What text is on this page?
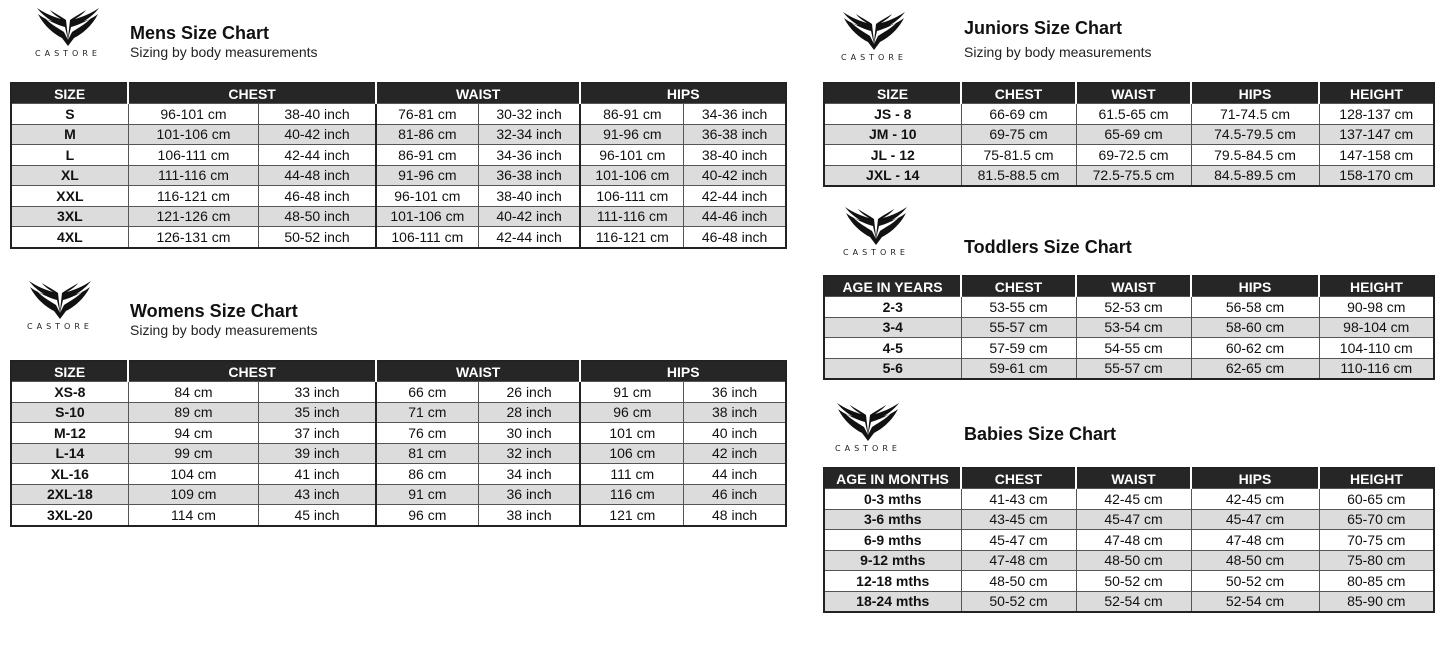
CASTORE
Mens Size Chart
Sizing by body measurements
SIZE	CHEST		WAIST		HIPS	
S	96-101 cm	38-40 inch	76-81 cm	30-32 inch	86-91 cm	34-36 inch
M	101-106 cm	40-42 inch	81-86 cm	32-34 inch	91-96 cm	36-38 inch
L	106-111 cm	42-44 inch	86-91 cm	34-36 inch	96-101 cm	38-40 inch
XL	111-116 cm	44-48 inch	91-96 cm	36-38 inch	101-106 cm	40-42 inch
XXL	116-121 cm	46-48 inch	96-101 cm	38-40 inch	106-111 cm	42-44 inch
3XL	121-126 cm	48-50 inch	101-106 cm	40-42 inch	111-116 cm	44-46 inch
4XL	126-131 cm	50-52 inch	106-111 cm	42-44 inch	116-121 cm	46-48 inch
CASTORE
Womens Size Chart
Sizing by body measurements
SIZE	CHEST		WAIST		HIPS	
XS-8	84 cm	33 inch	66 cm	26 inch	91 cm	36 inch
S-10	89 cm	35 inch	71 cm	28 inch	96 cm	38 inch
M-12	94 cm	37 inch	76 cm	30 inch	101 cm	40 inch
L-14	99 cm	39 inch	81 cm	32 inch	106 cm	42 inch
XL-16	104 cm	41 inch	86 cm	34 inch	111 cm	44 inch
2XL-18	109 cm	43 inch	91 cm	36 inch	116 cm	46 inch
3XL-20	114 cm	45 inch	96 cm	38 inch	121 cm	48 inch
CASTORE
Juniors Size Chart
Sizing by body measurements
SIZE	CHEST	WAIST	HIPS	HEIGHT
JS - 8	66-69 cm	61.5-65 cm	71-74.5 cm	128-137 cm
JM - 10	69-75 cm	65-69 cm	74.5-79.5 cm	137-147 cm
JL - 12	75-81.5 cm	69-72.5 cm	79.5-84.5 cm	147-158 cm
JXL - 14	81.5-88.5 cm	72.5-75.5 cm	84.5-89.5 cm	158-170 cm
CASTORE	Toddlers Size Chart
AGE IN YEARS	CHEST	WAIST	HIPS	HEIGHT
2-3	53-55 cm	52-53 cm	56-58 cm	90-98 cm
3-4	55-57 cm	53-54 cm	58-60 cm	98-104 cm
4-5	57-59 cm	54-55 cm	60-62 cm	104-110 cm
5-6	59-61 cm	55-57 cm	62-65 cm	110-116 cm
CASTORE
Babies Size Chart
AGE IN MONTHS	CHEST	WAIST	HIPS	HEIGHT
0-3 mths	41-43 cm	42-45 cm	42-45 cm	60-65 cm
3-6 mths	43-45 cm	45-47 cm	45-47 cm	65-70 cm
6-9 mths	45-47 cm	47-48 cm	47-48 cm	70-75 cm
9-12 mths	47-48 cm	48-50 cm	48-50 cm	75-80 cm
12-18 mths	48-50 cm	50-52 cm	50-52 cm	80-85 cm
18-24 mths	50-52 cm	52-54 cm	52-54 cm	85-90 cm
